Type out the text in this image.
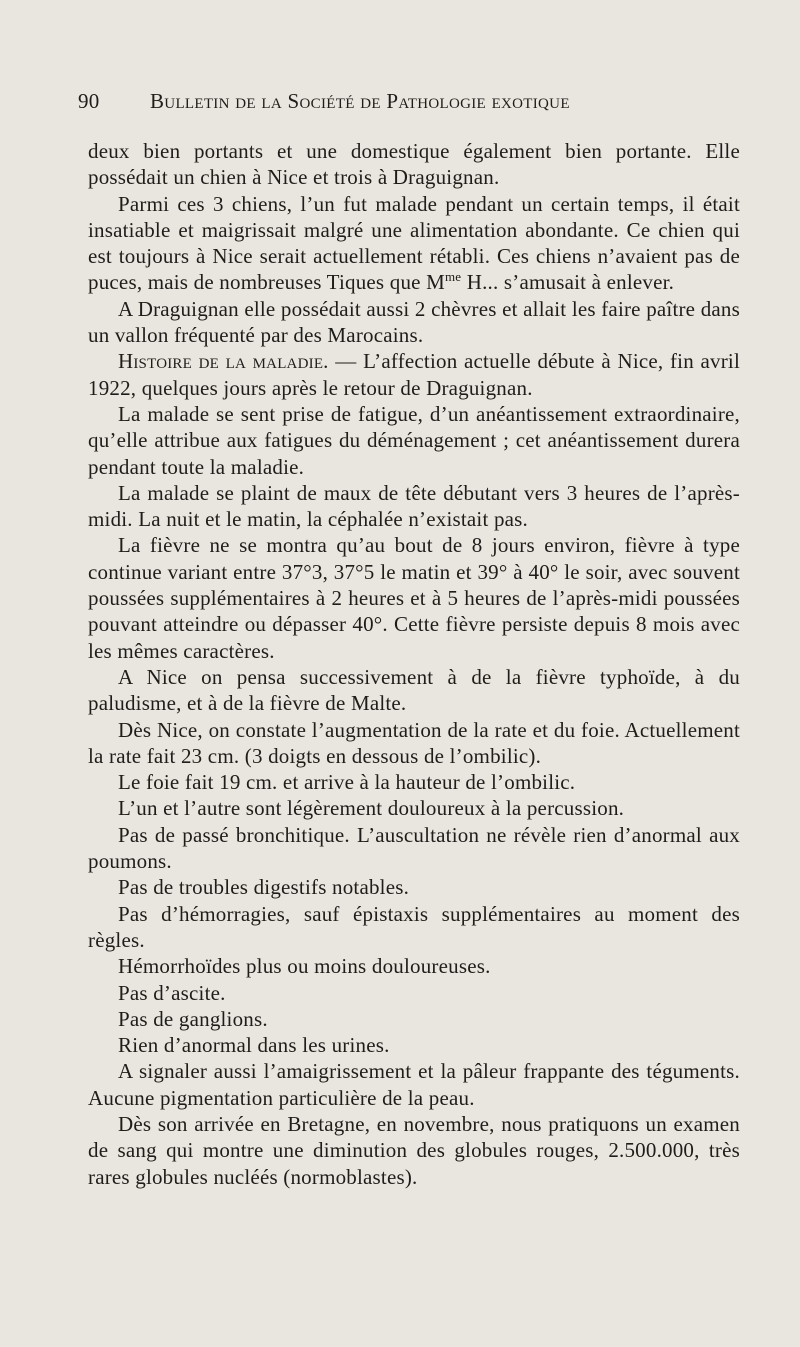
90 Bulletin de la Société de Pathologie exotique

deux bien portants et une domestique également bien portante. Elle possédait un chien à Nice et trois à Draguignan.

Parmi ces 3 chiens, l’un fut malade pendant un certain temps, il était insatiable et maigrissait malgré une alimentation abondante. Ce chien qui est toujours à Nice serait actuellement rétabli. Ces chiens n’avaient pas de puces, mais de nombreuses Tiques que $M^{me}$ H... s’amusait à enlever.

A Draguignan elle possédait aussi 2 chèvres et allait les faire paître dans un vallon fréquenté par des Marocains.

Histoire de la maladie. — L’affection actuelle débute à Nice, fin avril 1922, quelques jours après le retour de Draguignan.

La malade se sent prise de fatigue, d’un anéantissement extraordinaire, qu’elle attribue aux fatigues du déménagement ; cet anéantissement durera pendant toute la maladie.

La malade se plaint de maux de tête débutant vers 3 heures de l’après-midi. La nuit et le matin, la céphalée n’existait pas.

La fièvre ne se montra qu’au bout de 8 jours environ, fièvre à type continue variant entre 37°3, 37°5 le matin et 39° à 40° le soir, avec souvent poussées supplémentaires à 2 heures et à 5 heures de l’après-midi poussées pouvant atteindre ou dépasser 40°. Cette fièvre persiste depuis 8 mois avec les mêmes caractères.

A Nice on pensa successivement à de la fièvre typhoïde, à du paludisme, et à de la fièvre de Malte.

Dès Nice, on constate l’augmentation de la rate et du foie. Actuellement la rate fait 23 cm. (3 doigts en dessous de l’ombilic).

Le foie fait 19 cm. et arrive à la hauteur de l’ombilic.

L’un et l’autre sont légèrement douloureux à la percussion.

Pas de passé bronchitique. L’auscultation ne révèle rien d’anormal aux poumons.

Pas de troubles digestifs notables.

Pas d’hémorragies, sauf épistaxis supplémentaires au moment des règles.

Hémorrhoïdes plus ou moins douloureuses.

Pas d’ascite.

Pas de ganglions.

Rien d’anormal dans les urines.

A signaler aussi l’amaigrissement et la pâleur frappante des téguments. Aucune pigmentation particulière de la peau.

Dès son arrivée en Bretagne, en novembre, nous pratiquons un examen de sang qui montre une diminution des globules rouges, 2.500.000, très rares globules nucléés (normoblastes).
